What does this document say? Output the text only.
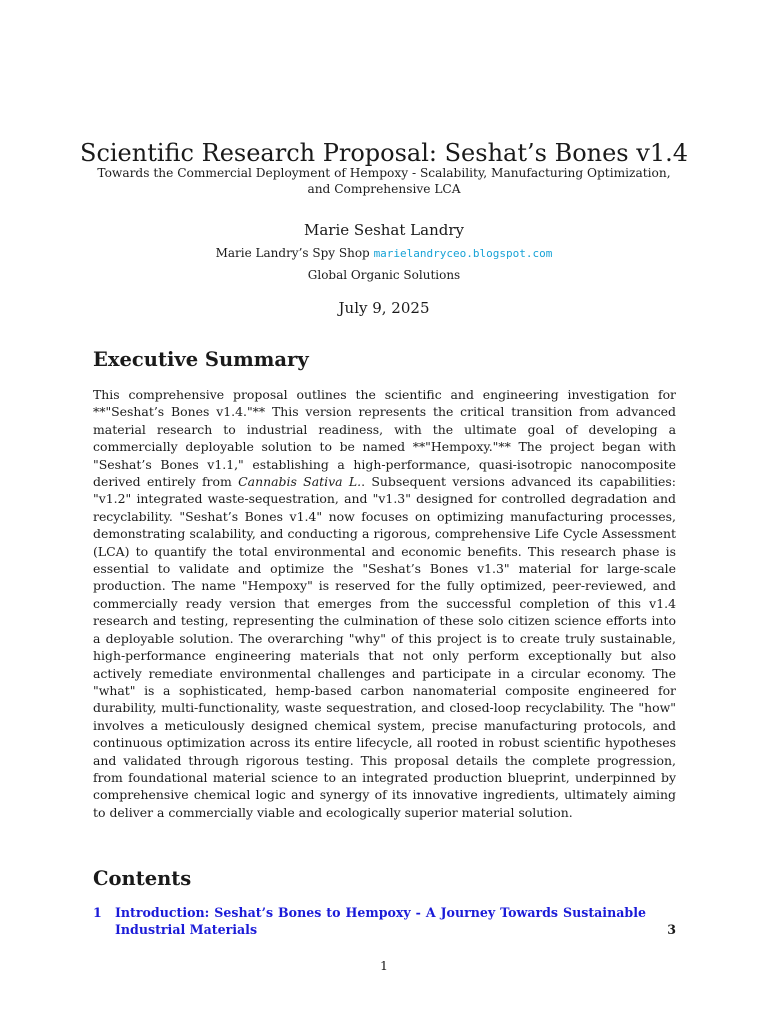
Scientific Research Proposal: Seshat’s Bones v1.4

Towards the Commercial Deployment of Hempoxy - Scalability, Manufacturing Optimization, and Comprehensive LCA

Marie Seshat Landry
Marie Landry’s Spy Shop marielandryceo.blogspot.com
Global Organic Solutions
July 9, 2025
Executive Summary

This comprehensive proposal outlines the scientific and engineering investigation for **"Seshat’s Bones v1.4."** This version represents the critical transition from advanced material research to industrial readiness, with the ultimate goal of developing a commercially deployable solution to be named **"Hempoxy."** The project began with "Seshat’s Bones v1.1," establishing a high-performance, quasi-isotropic nanocomposite derived entirely from Cannabis Sativa L.. Subsequent versions advanced its capabilities: "v1.2" integrated waste-sequestration, and "v1.3" designed for controlled degradation and recyclability. "Seshat’s Bones v1.4" now focuses on optimizing manufacturing processes, demonstrating scalability, and conducting a rigorous, comprehensive Life Cycle Assessment (LCA) to quantify the total environmental and economic benefits. This research phase is essential to validate and optimize the "Seshat’s Bones v1.3" material for large-scale production. The name "Hempoxy" is reserved for the fully optimized, peer-reviewed, and commercially ready version that emerges from the successful completion of this v1.4 research and testing, representing the culmination of these solo citizen science efforts into a deployable solution. The overarching "why" of this project is to create truly sustainable, high-performance engineering materials that not only perform exceptionally but also actively remediate environmental challenges and participate in a circular economy. The "what" is a sophisticated, hemp-based carbon nanomaterial composite engineered for durability, multi-functionality, waste sequestration, and closed-loop recyclability. The "how" involves a meticulously designed chemical system, precise manufacturing protocols, and continuous optimization across its entire lifecycle, all rooted in robust scientific hypotheses and validated through rigorous testing. This proposal details the complete progression, from foundational material science to an integrated production blueprint, underpinned by comprehensive chemical logic and synergy of its innovative ingredients, ultimately aiming to deliver a commercially viable and ecologically superior material solution.

Contents
1 Introduction: Seshat’s Bones to Hempoxy - A Journey Towards Sustainable Industrial Materials	3
1
